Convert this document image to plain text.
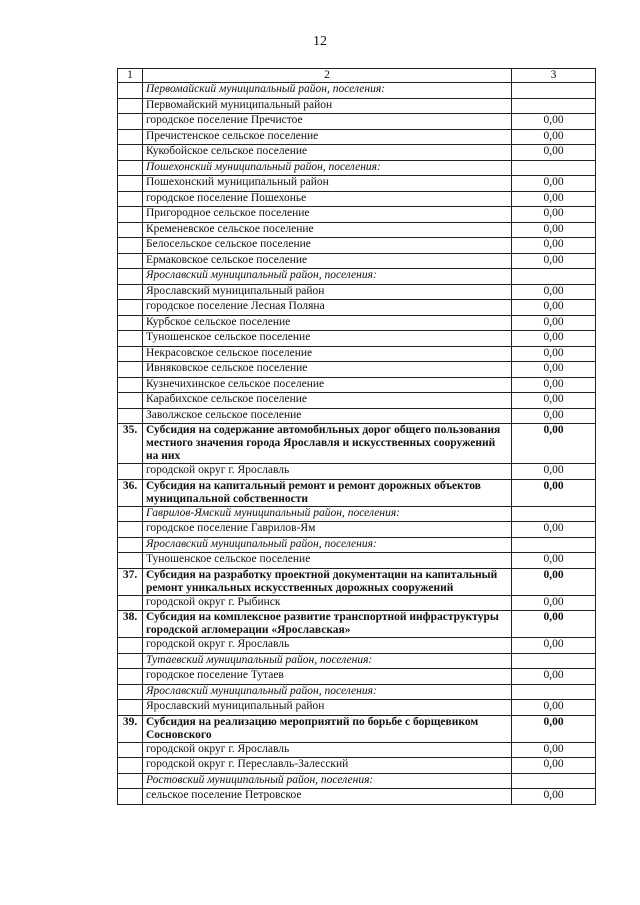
12
1	2	3
	Первомайский муниципальный район, поселения:	
	Первомайский муниципальный район	
	городское поселение Пречистое	0,00
	Пречистенское сельское поселение	0,00
	Кукобойское сельское поселение	0,00
	Пошехонский муниципальный район, поселения:	
	Пошехонский муниципальный район	0,00
	городское поселение Пошехонье	0,00
	Пригородное сельское поселение	0,00
	Кременевское сельское поселение	0,00
	Белосельское сельское поселение	0,00
	Ермаковское сельское поселение	0,00
	Ярославский муниципальный район, поселения:	
	Ярославский муниципальный район	0,00
	городское поселение Лесная Поляна	0,00
	Курбское сельское поселение	0,00
	Туношенское сельское поселение	0,00
	Некрасовское сельское поселение	0,00
	Ивняковское сельское поселение	0,00
	Кузнечихинское сельское поселение	0,00
	Карабихское сельское поселение	0,00
	Заволжское сельское поселение	0,00
35.	Субсидия на содержание автомобильных дорог общего пользования местного значения города Ярославля и искусственных сооружений на них	0,00
	городской округ г. Ярославль	0,00
36.	Субсидия на капитальный ремонт и ремонт дорожных объектов муниципальной собственности	0,00
	Гаврилов-Ямский муниципальный район, поселения:	
	городское поселение Гаврилов-Ям	0,00
	Ярославский муниципальный район, поселения:	
	Туношенское сельское поселение	0,00
37.	Субсидия на разработку проектной документации на капитальный ремонт уникальных искусственных дорожных сооружений	0,00
	городской округ г. Рыбинск	0,00
38.	Субсидия на комплексное развитие транспортной инфраструктуры городской агломерации «Ярославская»	0,00
	городской округ г. Ярославль	0,00
	Тутаевский муниципальный район, поселения:	
	городское поселение Тутаев	0,00
	Ярославский муниципальный район, поселения:	
	Ярославский муниципальный район	0,00
39.	Субсидия на реализацию мероприятий по борьбе с борщевиком Сосновского	0,00
	городской округ г. Ярославль	0,00
	городской округ г. Переславль-Залесский	0,00
	Ростовский муниципальный район, поселения:	
	сельское поселение Петровское	0,00
